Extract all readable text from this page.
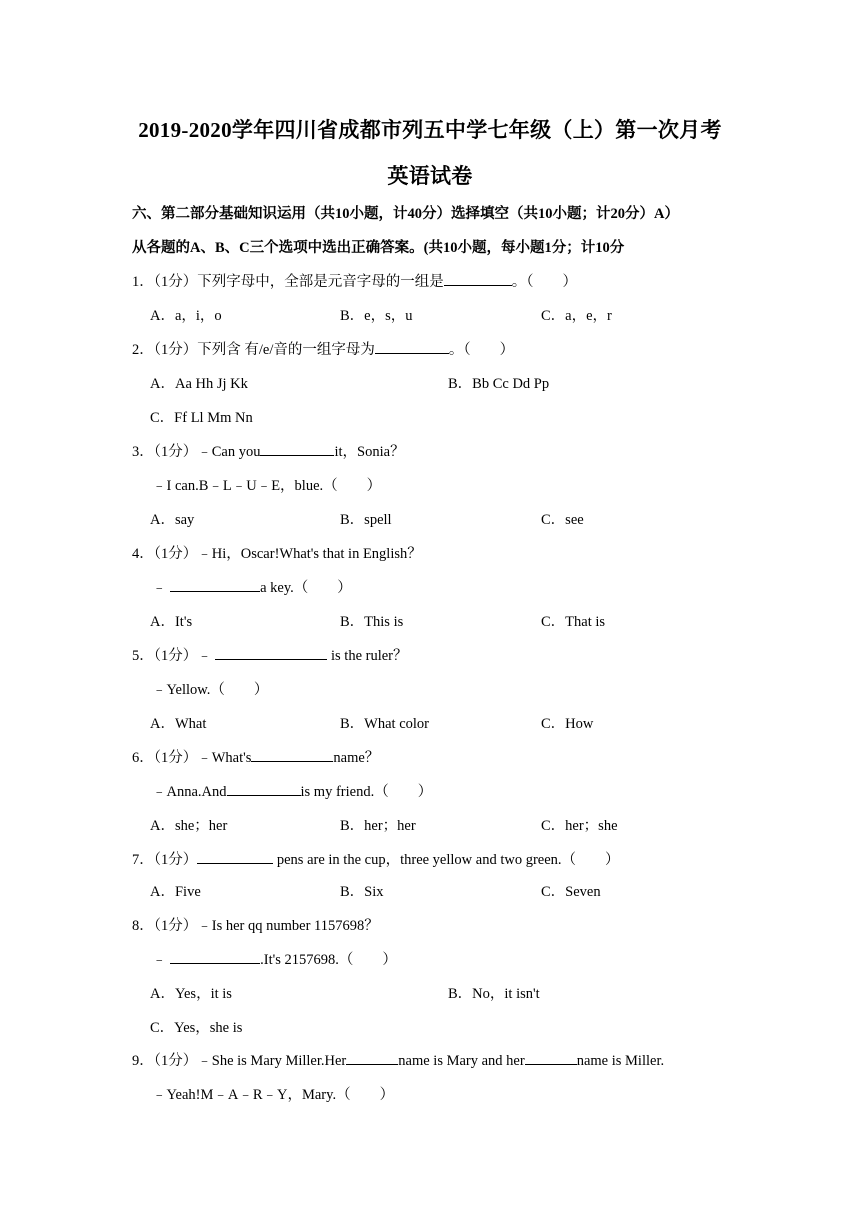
2019-2020学年四川省成都市列五中学七年级（上）第一次月考
英语试卷
六、第二部分基础知识运用（共10小题，计40分）选择填空（共10小题；计20分）A）
从各题的A、B、C三个选项中选出正确答案。(共10小题，每小题1分；计10分
1．（1分）下列字母中，全部是元音字母的一组是	。（　　）
A．a，i，o	B．e，s，u	C．a，e，r
2．（1分）下列含 有/e/音的一组字母为	。（　　）
A．Aa Hh Jj Kk	B．Bb Cc Dd Pp
C．Ff Ll Mm Nn
3．（1分）﹣Can you	it，Sonia？
﹣I can.B﹣L﹣U﹣E，blue.（　　）
A．say	B．spell	C．see
4．（1分）﹣Hi，Oscar!What's that in English？
﹣	a key.（　　）
A．It's	B．This is	C．That is
5．（1分）﹣	is the ruler？
﹣Yellow.（　　）
A．What	B．What color	C．How
6．（1分）﹣What's	name？
﹣Anna.And	is my friend.（　　）
A．she；her	B．her；her	C．her；she
7．（1分）	pens are in the cup，three yellow and two green.（　　）
A．Five	B．Six	C．Seven
8．（1分）﹣Is her qq number 1157698？
﹣	.It's 2157698.（　　）
A．Yes，it is	B．No，it isn't
C．Yes，she is
9．（1分）﹣She is Mary Miller.Her	name is Mary and her	name is Miller.
﹣Yeah!M﹣A﹣R﹣Y，Mary.（　　）
